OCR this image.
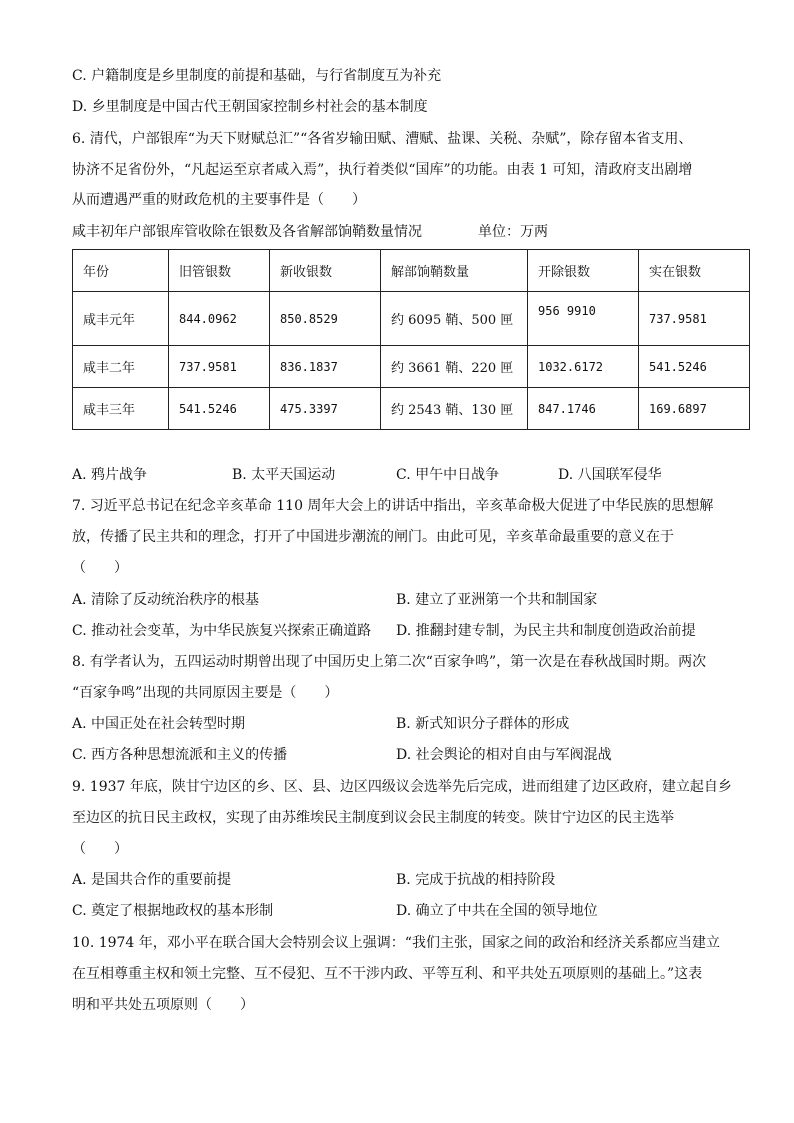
C. 户籍制度是乡里制度的前提和基础，与行省制度互为补充
D. 乡里制度是中国古代王朝国家控制乡村社会的基本制度
6. 清代，户部银库“为天下财赋总汇”“各省岁输田赋、漕赋、盐课、关税、杂赋”，除存留本省支用、
协济不足省份外，“凡起运至京者咸入焉”，执行着类似“国库”的功能。由表 1 可知，清政府支出剧增
从而遭遇严重的财政危机的主要事件是（　　）
咸丰初年户部银库管收除在银数及各省解部饷鞘数量情况	单位：万两
年份	旧管银数	新收银数	解部饷鞘数量	开除银数	实在银数
咸丰元年	844.0962	850.8529	约 6095 鞘、500 匣	956 9910	737.9581
咸丰二年	737.9581	836.1837	约 3661 鞘、220 匣	1032.6172	541.5246
咸丰三年	541.5246	475.3397	约 2543 鞘、130 匣	847.1746	169.6897
A. 鸦片战争	B. 太平天国运动	C. 甲午中日战争	D. 八国联军侵华
7. 习近平总书记在纪念辛亥革命 110 周年大会上的讲话中指出，辛亥革命极大促进了中华民族的思想解
放，传播了民主共和的理念，打开了中国进步潮流的闸门。由此可见，辛亥革命最重要的意义在于
（　　）
A. 清除了反动统治秩序的根基	B. 建立了亚洲第一个共和制国家
C. 推动社会变革，为中华民族复兴探索正确道路 D. 推翻封建专制，为民主共和制度创造政治前提
8. 有学者认为，五四运动时期曾出现了中国历史上第二次“百家争鸣”，第一次是在春秋战国时期。两次
“百家争鸣”出现的共同原因主要是（　　）
A. 中国正处在社会转型时期	B. 新式知识分子群体的形成
C. 西方各种思想流派和主义的传播	D. 社会舆论的相对自由与军阀混战
9. 1937 年底，陕甘宁边区的乡、区、县、边区四级议会选举先后完成，进而组建了边区政府，建立起自乡
至边区的抗日民主政权，实现了由苏维埃民主制度到议会民主制度的转变。陕甘宁边区的民主选举
（　　）
A. 是国共合作的重要前提	B. 完成于抗战的相持阶段
C. 奠定了根据地政权的基本形制	D. 确立了中共在全国的领导地位
10. 1974 年，邓小平在联合国大会特别会议上强调：“我们主张，国家之间的政治和经济关系都应当建立
在互相尊重主权和领土完整、互不侵犯、互不干涉内政、平等互利、和平共处五项原则的基础上。”这表
明和平共处五项原则（　　）
